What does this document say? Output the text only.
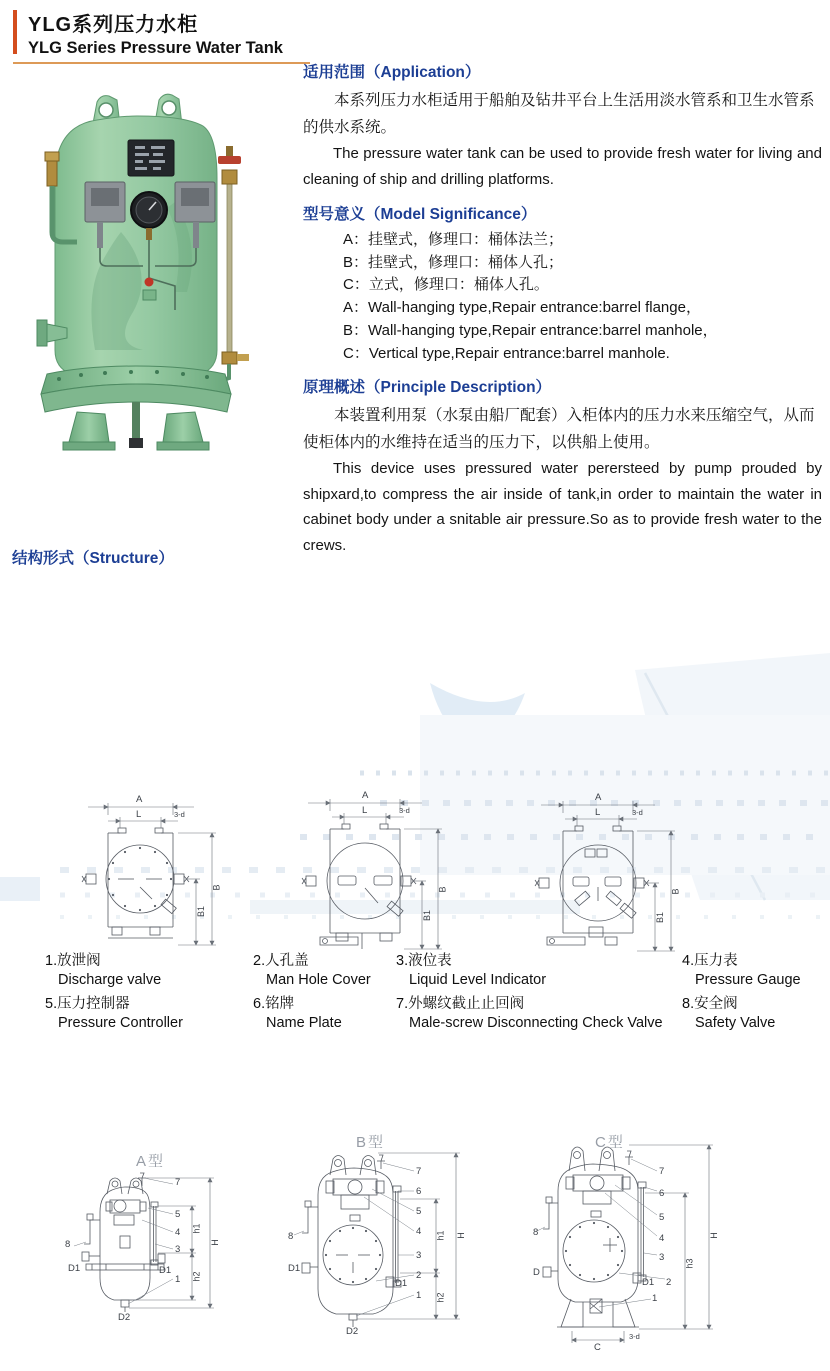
YLG系列压力水柜
YLG Series Pressure Water Tank
适用范围（Application）

本系列压力水柜适用于船舶及钻井平台上生活用淡水管系和卫生水管系的供水系统。

The pressure water tank can be used to provide fresh water for living and cleaning of ship and drilling platforms.

型号意义（Model Significance）

A：挂壁式，修理口：桶体法兰；

B：挂壁式，修理口：桶体人孔；

C：立式，修理口：桶体人孔。

A：Wall-hanging type,Repair entrance:barrel flange，

B：Wall-hanging type,Repair entrance:barrel manhole，

C：Vertical type,Repair entrance:barrel manhole.

原理概述（Principle Description）

本装置利用泵（水泵由船厂配套）入柜体内的压力水来压缩空气，从而使柜体内的水维持在适当的压力下，以供船上使用。

This device uses pressured water perersteed by pump prouded by shipxard,to compress the air inside of tank,in order to maintain the water in cabinet body under a snitable air pressure.So as to provide fresh water to the crews.

结构形式（Structure）
A型
7
5
4
3
1
8
D1	D1
D2
h1
h2
H
B型
7
6
5
4
3
2
1
8
D1
D1
D2
h1
h2
H
C型
7
6
5
4
3
D1 2
1
8
D
h3
H
C
3-d
A
L	3-d
B
B1
A
L	3-d
B
B1
A
L	3-d
B
B1
1.放泄阀
Discharge valve
2.人孔盖
Man Hole Cover
3.液位表
Liquid Level Indicator
4.压力表
Pressure Gauge
5.压力控制器
Pressure Controller
6.铭牌
Name Plate
7.外螺纹截止止回阀
Male-screw Disconnecting Check Valve
8.安全阀
Safety Valve
